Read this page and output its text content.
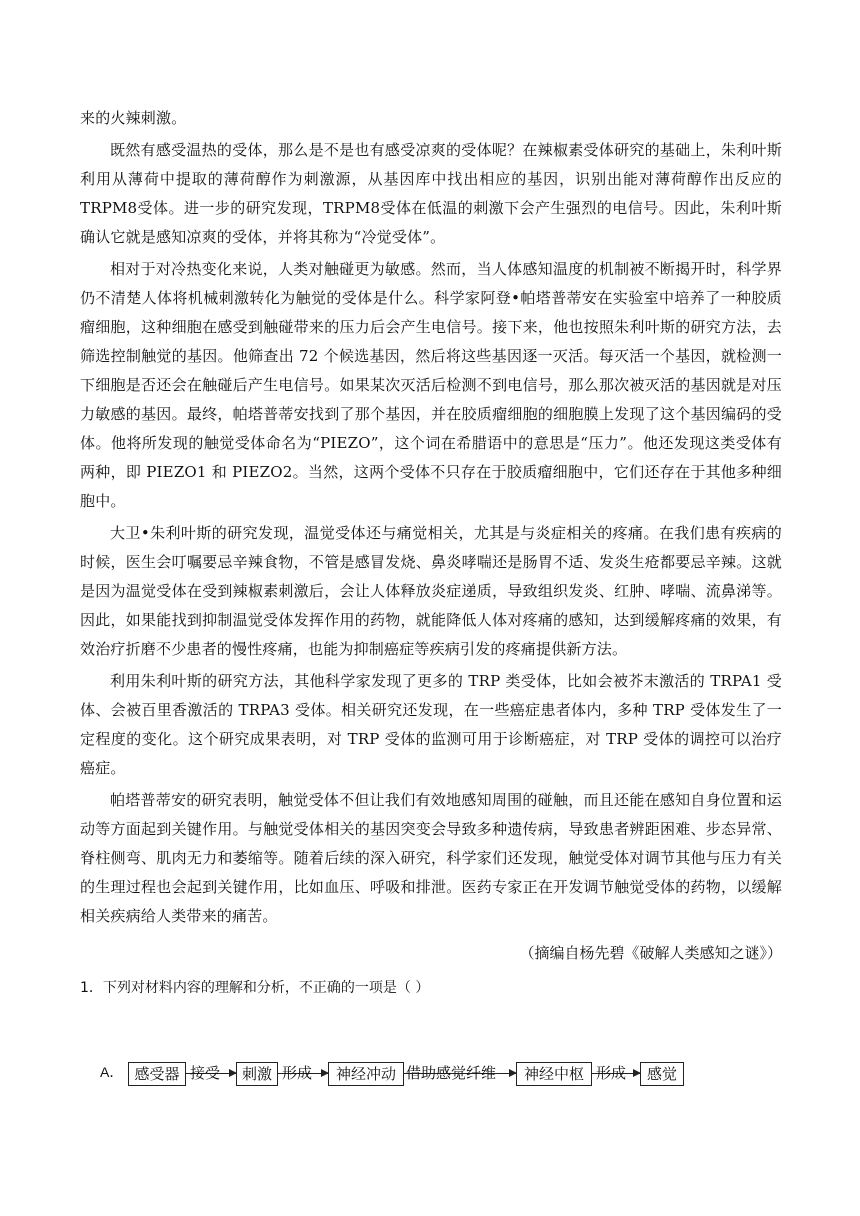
来的火辣刺激。

既然有感受温热的受体，那么是不是也有感受凉爽的受体呢？在辣椒素受体研究的基础上，朱利叶斯利用从薄荷中提取的薄荷醇作为刺激源，从基因库中找出相应的基因，识别出能对薄荷醇作出反应的TRPM8受体。进一步的研究发现，TRPM8受体在低温的刺激下会产生强烈的电信号。因此，朱利叶斯确认它就是感知凉爽的受体，并将其称为“冷觉受体”。

相对于对冷热变化来说，人类对触碰更为敏感。然而，当人体感知温度的机制被不断揭开时，科学界仍不清楚人体将机械刺激转化为触觉的受体是什么。科学家阿登•帕塔普蒂安在实验室中培养了一种胶质瘤细胞，这种细胞在感受到触碰带来的压力后会产生电信号。接下来，他也按照朱利叶斯的研究方法，去筛选控制触觉的基因。他筛查出 72 个候选基因，然后将这些基因逐一灭活。每灭活一个基因，就检测一下细胞是否还会在触碰后产生电信号。如果某次灭活后检测不到电信号，那么那次被灭活的基因就是对压力敏感的基因。最终，帕塔普蒂安找到了那个基因，并在胶质瘤细胞的细胞膜上发现了这个基因编码的受体。他将所发现的触觉受体命名为“PIEZO”，这个词在希腊语中的意思是“压力”。他还发现这类受体有两种，即 PIEZO1 和 PIEZO2。当然，这两个受体不只存在于胶质瘤细胞中，它们还存在于其他多种细胞中。

大卫•朱利叶斯的研究发现，温觉受体还与痛觉相关，尤其是与炎症相关的疼痛。在我们患有疾病的时候，医生会叮嘱要忌辛辣食物，不管是感冒发烧、鼻炎哮喘还是肠胃不适、发炎生疮都要忌辛辣。这就是因为温觉受体在受到辣椒素刺激后，会让人体释放炎症递质，导致组织发炎、红肿、哮喘、流鼻涕等。因此，如果能找到抑制温觉受体发挥作用的药物，就能降低人体对疼痛的感知，达到缓解疼痛的效果，有效治疗折磨不少患者的慢性疼痛，也能为抑制癌症等疾病引发的疼痛提供新方法。

利用朱利叶斯的研究方法，其他科学家发现了更多的 TRP 类受体，比如会被芥末激活的 TRPA1 受体、会被百里香激活的 TRPA3 受体。相关研究还发现，在一些癌症患者体内，多种 TRP 受体发生了一定程度的变化。这个研究成果表明，对 TRP 受体的监测可用于诊断癌症，对 TRP 受体的调控可以治疗癌症。

帕塔普蒂安的研究表明，触觉受体不但让我们有效地感知周围的碰触，而且还能在感知自身位置和运动等方面起到关键作用。与触觉受体相关的基因突变会导致多种遗传病，导致患者辨距困难、步态异常、脊柱侧弯、肌肉无力和萎缩等。随着后续的深入研究，科学家们还发现，触觉受体对调节其他与压力有关的生理过程也会起到关键作用，比如血压、呼吸和排泄。医药专家正在开发调节触觉受体的药物，以缓解相关疾病给人类带来的痛苦。

（摘编自杨先碧《破解人类感知之谜》）

1．下列对材料内容的理解和分析，不正确的一项是（ ）

A． 感受器 接受	刺激 形成	神经冲动 借助感觉纤维	神经中枢 形成	感觉
